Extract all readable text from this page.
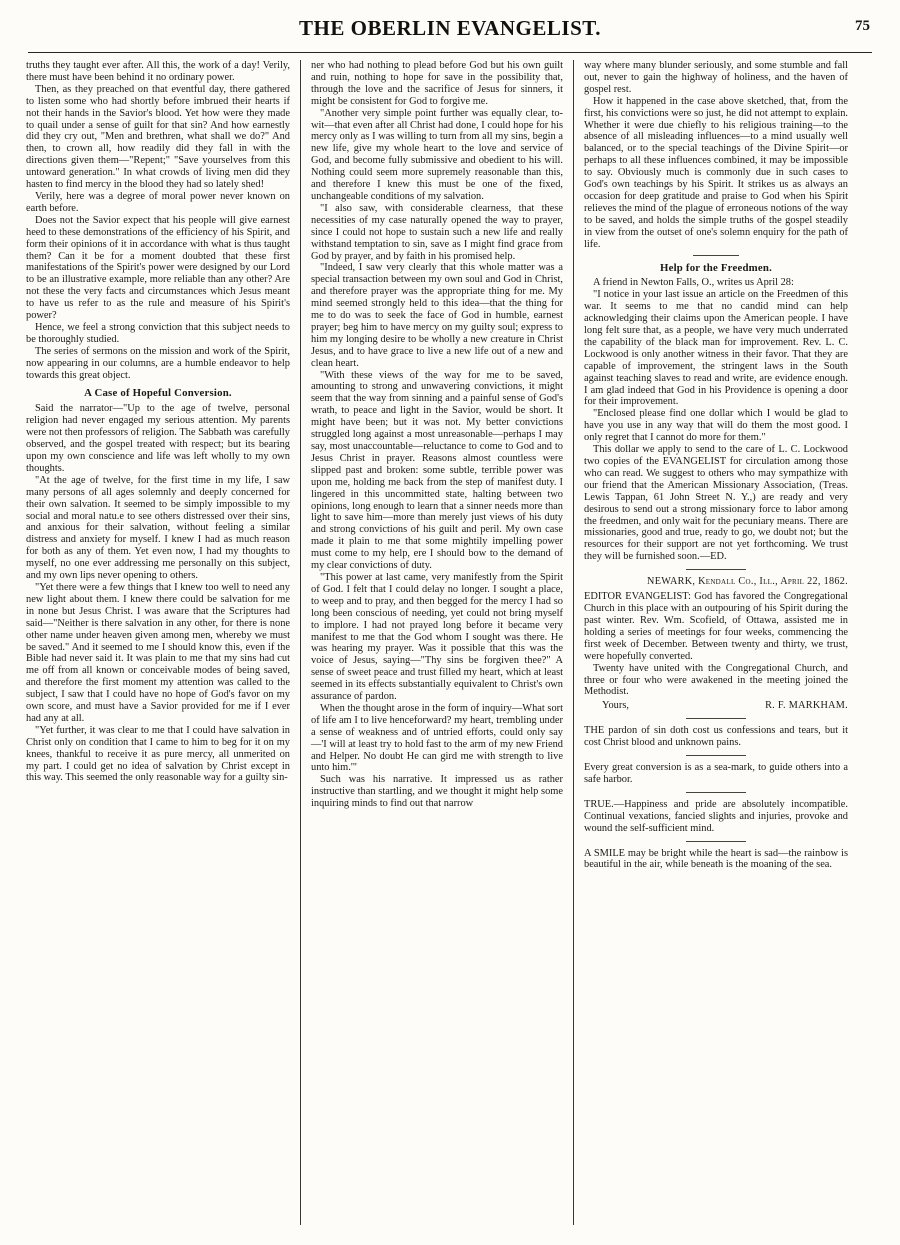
THE OBERLIN EVANGELIST.	75

truths they taught ever after. All this, the work of a day! Verily, there must have been behind it no ordinary power.

Then, as they preached on that eventful day, there gathered to listen some who had shortly before imbrued their hearts if not their hands in the Savior's blood. Yet how were they made to quail under a sense of guilt for that sin? And how earnestly did they cry out, "Men and brethren, what shall we do?" And then, to crown all, how readily did they fall in with the directions given them—"Repent;" "Save yourselves from this untoward generation." In what crowds of living men did they hasten to find mercy in the blood they had so lately shed!

Verily, here was a degree of moral power never known on earth before.

Does not the Savior expect that his people will give earnest heed to these demonstrations of the efficiency of his Spirit, and form their opinions of it in accordance with what is thus taught them? Can it be for a moment doubted that these first manifestations of the Spirit's power were designed by our Lord to be an illustrative example, more reliable than any other? Are not these the very facts and circumstances which Jesus meant to have us refer to as the rule and measure of his Spirit's power?

Hence, we feel a strong conviction that this subject needs to be thoroughly studied.

The series of sermons on the mission and work of the Spirit, now appearing in our columns, are a humble endeavor to help towards this great object.

A Case of Hopeful Conversion.

Said the narrator—"Up to the age of twelve, personal religion had never engaged my serious attention. My parents were not then professors of religion. The Sabbath was carefully observed, and the gospel treated with respect; but its bearing upon my own conscience and life was left wholly to my own thoughts.

"At the age of twelve, for the first time in my life, I saw many persons of all ages solemnly and deeply concerned for their own salvation. It seemed to be simply impossible to my social and moral natu.e to see others distressed over their sins, and anxious for their salvation, without feeling a similar distress and anxiety for myself. I knew I had as much reason for both as any of them. Yet even now, I had my thoughts to myself, no one ever addressing me personally on this subject, and my own lips never opening to others.

"Yet there were a few things that I knew too well to need any new light about them. I knew there could be salvation for me in none but Jesus Christ. I was aware that the Scriptures had said—"Neither is there salvation in any other, for there is none other name under heaven given among men, whereby we must be saved." And it seemed to me I should know this, even if the Bible had never said it. It was plain to me that my sins had cut me off from all known or conceivable modes of being saved, and therefore the first moment my attention was called to the subject, I saw that I could have no hope of God's favor on my own score, and must have a Savior provided for me if I ever had any at all.

"Yet further, it was clear to me that I could have salvation in Christ only on condition that I came to him to beg for it on my knees, thankful to receive it as pure mercy, all unmerited on my part. I could get no idea of salvation by Christ except in this way. This seemed the only reasonable way for a guilty sin-

ner who had nothing to plead before God but his own guilt and ruin, nothing to hope for save in the possibility that, through the love and the sacrifice of Jesus for sinners, it might be consistent for God to forgive me.

"Another very simple point further was equally clear, to-wit—that even after all Christ had done, I could hope for his mercy only as I was willing to turn from all my sins, begin a new life, give my whole heart to the love and service of God, and become fully submissive and obedient to his will. Nothing could seem more supremely reasonable than this, and therefore I knew this must be one of the fixed, unchangeable conditions of my salvation.

"I also saw, with considerable clearness, that these necessities of my case naturally opened the way to prayer, since I could not hope to sustain such a new life and really withstand temptation to sin, save as I might find grace from God by prayer, and by faith in his promised help.

"Indeed, I saw very clearly that this whole matter was a special transaction between my own soul and God in Christ, and therefore prayer was the appropriate thing for me. My mind seemed strongly held to this idea—that the thing for me to do was to seek the face of God in humble, earnest prayer; beg him to have mercy on my guilty soul; express to him my longing desire to be wholly a new creature in Christ Jesus, and to have grace to live a new life out of a new and clean heart.

"With these views of the way for me to be saved, amounting to strong and unwavering convictions, it might seem that the way from sinning and a painful sense of God's wrath, to peace and light in the Savior, would be short. It might have been; but it was not. My better convictions struggled long against a most unreasonable—perhaps I may say, most unaccountable—reluctance to come to God and to Jesus Christ in prayer. Reasons almost countless were slipped past and broken: some subtle, terrible power was upon me, holding me back from the step of manifest duty. I lingered in this uncommitted state, halting between two opinions, long enough to learn that a sinner needs more than light to save him—more than merely just views of his duty and strong convictions of his guilt and peril. My own case made it plain to me that some mightily impelling power must come to my help, ere I should bow to the demand of my clear convictions of duty.

"This power at last came, very manifestly from the Spirit of God. I felt that I could delay no longer. I sought a place, to weep and to pray, and then begged for the mercy I had so long been conscious of needing, yet could not bring myself to implore. I had not prayed long before it became very manifest to me that the God whom I sought was there. He was hearing my prayer. Was it possible that this was the voice of Jesus, saying—"Thy sins be forgiven thee?" A sense of sweet peace and trust filled my heart, which at least seemed in its effects substantially equivalent to Christ's own assurance of pardon.

When the thought arose in the form of inquiry—What sort of life am I to live henceforward? my heart, trembling under a sense of weakness and of untried efforts, could only say—'I will at least try to hold fast to the arm of my new Friend and Helper. No doubt He can gird me with strength to live unto him.'"

Such was his narrative. It impressed us as rather instructive than startling, and we thought it might help some inquiring minds to find out that narrow

way where many blunder seriously, and some stumble and fall out, never to gain the highway of holiness, and the haven of gospel rest.

How it happened in the case above sketched, that, from the first, his convictions were so just, he did not attempt to explain. Whether it were due chiefly to his religious training—to the absence of all misleading influences—to a mind usually well balanced, or to the special teachings of the Divine Spirit—or perhaps to all these influences combined, it may be impossible to say. Obviously much is commonly due in such cases to God's own teachings by his Spirit. It strikes us as always an occasion for deep gratitude and praise to God when his Spirit relieves the mind of the plague of erroneous notions of the way to be saved, and holds the simple truths of the gospel steadily in view from the outset of one's solemn enquiry for the path of life.

Help for the Freedmen.

A friend in Newton Falls, O., writes us April 28:

"I notice in your last issue an article on the Freedmen of this war. It seems to me that no candid mind can help acknowledging their claims upon the American people. I have long felt sure that, as a people, we have very much underrated the capability of the black man for improvement. Rev. L. C. Lockwood is only another witness in their favor. That they are capable of improvement, the stringent laws in the South against teaching slaves to read and write, are evidence enough. I am glad indeed that God in his Providence is opening a door for their improvement.

"Enclosed please find one dollar which I would be glad to have you use in any way that will do them the most good. I only regret that I cannot do more for them."

This dollar we apply to send to the care of L. C. Lockwood two copies of the EVANGELIST for circulation among those who can read. We suggest to others who may sympathize with our friend that the American Missionary Association, (Treas. Lewis Tappan, 61 John Street N. Y.,) are ready and very desirous to send out a strong missionary force to labor among the freedmen, and only wait for the pecuniary means. There are missionaries, good and true, ready to go, we doubt not; but the resources for their support are not yet forthcoming. We trust they will be furnished soon.—ED.

NEWARK, Kendall Co., Ill., April 22, 1862.

EDITOR EVANGELIST: God has favored the Congregational Church in this place with an outpouring of his Spirit during the past winter. Rev. Wm. Scofield, of Ottawa, assisted me in holding a series of meetings for four weeks, commencing the first week of December. Between twenty and thirty, we trust, were hopefully converted.

Twenty have united with the Congregational Church, and three or four who were awakened in the meeting joined the Methodist.

Yours,	R. F. MARKHAM.

THE pardon of sin doth cost us confessions and tears, but it cost Christ blood and unknown pains.

Every great conversion is as a sea-mark, to guide others into a safe harbor.

TRUE.—Happiness and pride are absolutely incompatible. Continual vexations, fancied slights and injuries, provoke and wound the self-sufficient mind.

A SMILE may be bright while the heart is sad—the rainbow is beautiful in the air, while beneath is the moaning of the sea.
